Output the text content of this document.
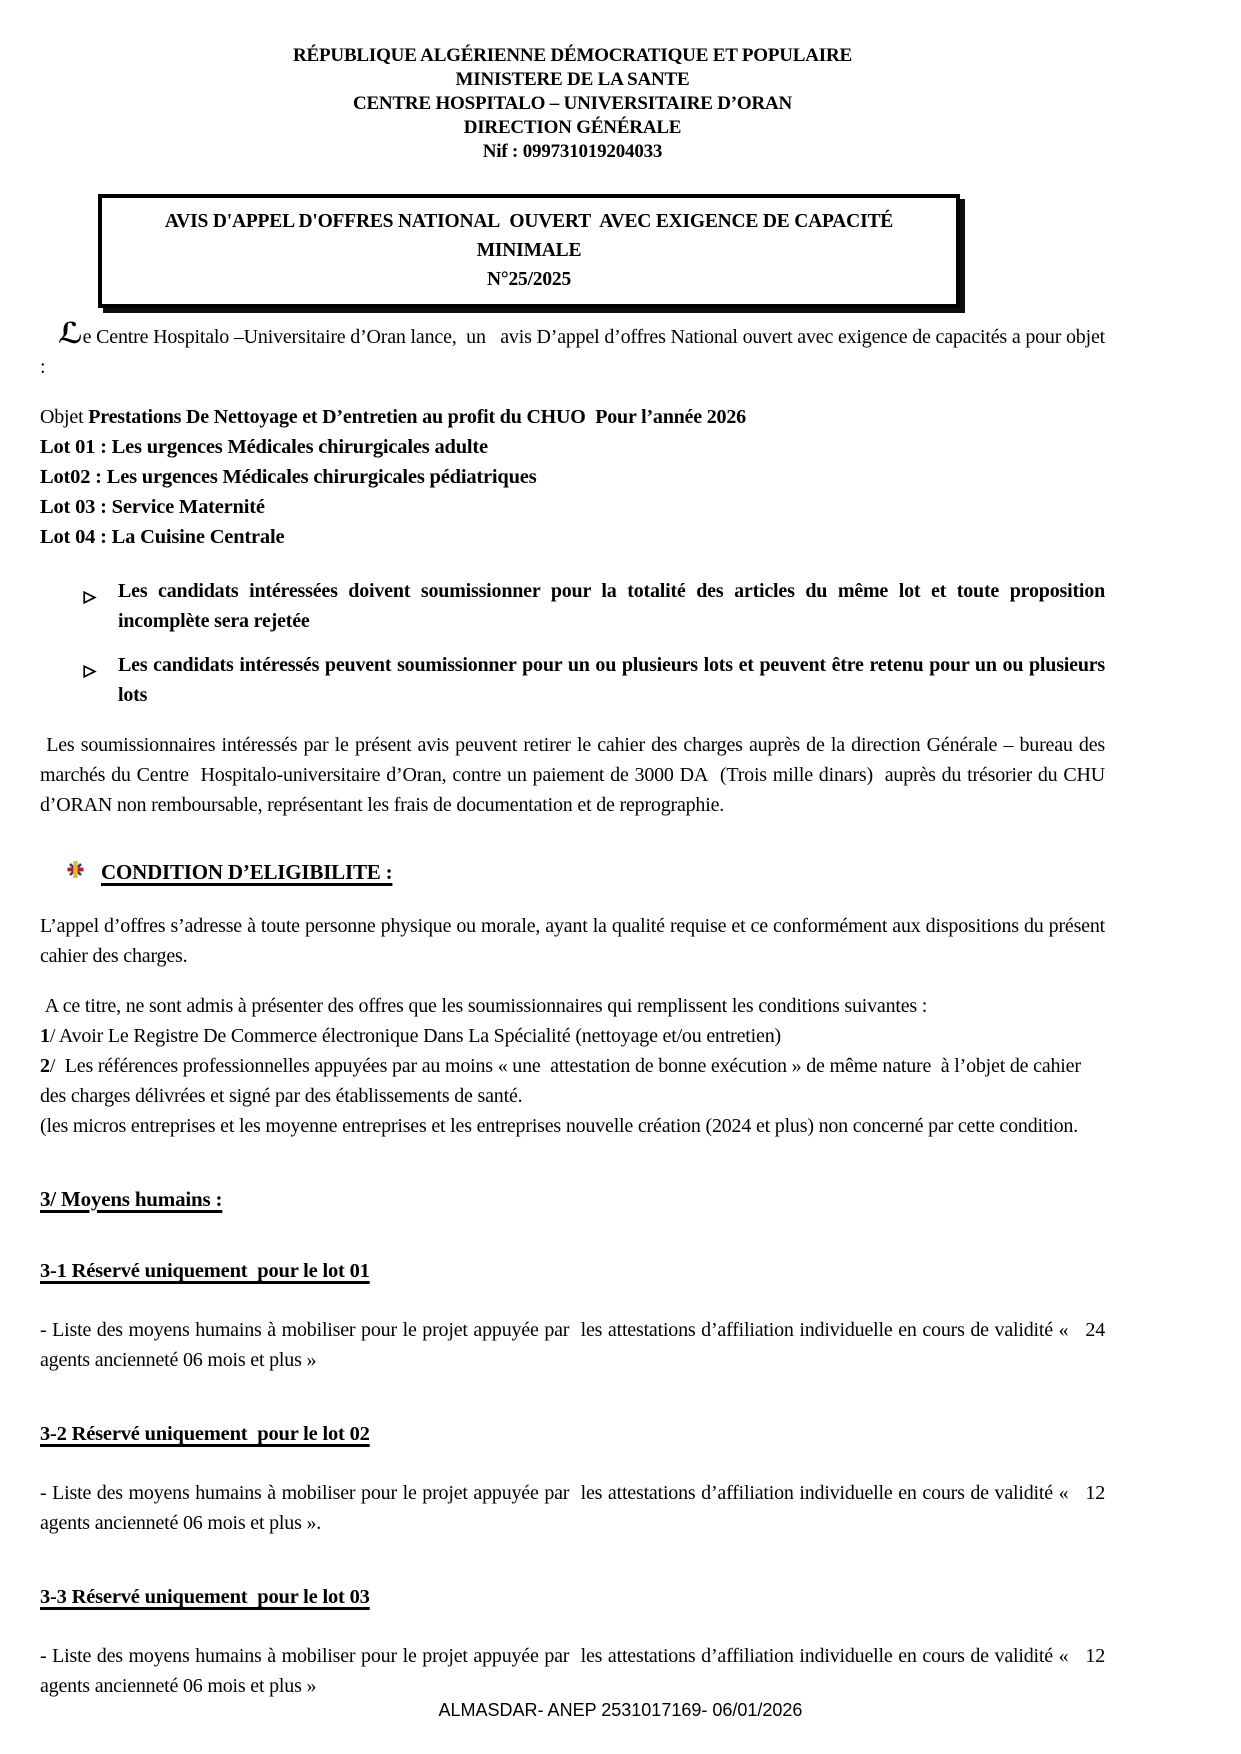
RÉPUBLIQUE ALGÉRIENNE DÉMOCRATIQUE ET POPULAIRE
MINISTERE DE LA SANTE
CENTRE HOSPITALO – UNIVERSITAIRE D’ORAN
DIRECTION GÉNÉRALE
Nif : 099731019204033
AVIS D'APPEL D'OFFRES NATIONAL  OUVERT  AVEC EXIGENCE DE CAPACITÉ MINIMALE
N°25/2025

ℒe Centre Hospitalo –Universitaire d’Oran lance,  un   avis D’appel d’offres National ouvert avec exigence de capacités a pour objet :

Objet Prestations De Nettoyage et D’entretien au profit du CHUO  Pour l’année 2026
Lot 01 : Les urgences Médicales chirurgicales adulte
Lot02 : Les urgences Médicales chirurgicales pédiatriques
Lot 03 : Service Maternité
Lot 04 : La Cuisine Centrale
Les candidats intéressées doivent soumissionner pour la totalité des articles du même lot et toute proposition incomplète sera rejetée
Les candidats intéressés peuvent soumissionner pour un ou plusieurs lots et peuvent être retenu pour un ou plusieurs lots

Les soumissionnaires intéressés par le présent avis peuvent retirer le cahier des charges auprès de la direction Générale – bureau des marchés du Centre  Hospitalo-universitaire d’Oran, contre un paiement de 3000 DA  (Trois mille dinars)  auprès du trésorier du CHU d’ORAN non remboursable, représentant les frais de documentation et de reprographie.

CONDITION D’ELIGIBILITE :

L’appel d’offres s’adresse à toute personne physique ou morale, ayant la qualité requise et ce conformément aux dispositions du présent cahier des charges.

A ce titre, ne sont admis à présenter des offres que les soumissionnaires qui remplissent les conditions suivantes :

1/ Avoir Le Registre De Commerce électronique Dans La Spécialité (nettoyage et/ou entretien)
2/  Les références professionnelles appuyées par au moins « une  attestation de bonne exécution » de même nature  à l’objet de cahier des charges délivrées et signé par des établissements de santé.
(les micros entreprises et les moyenne entreprises et les entreprises nouvelle création (2024 et plus) non concerné par cette condition.
3/ Moyens humains :
3-1 Réservé uniquement  pour le lot 01

- Liste des moyens humains à mobiliser pour le projet appuyée par  les attestations d’affiliation individuelle en cours de validité «   24 agents ancienneté 06 mois et plus »

3-2 Réservé uniquement  pour le lot 02

- Liste des moyens humains à mobiliser pour le projet appuyée par  les attestations d’affiliation individuelle en cours de validité «   12 agents ancienneté 06 mois et plus ».

3-3 Réservé uniquement  pour le lot 03

- Liste des moyens humains à mobiliser pour le projet appuyée par  les attestations d’affiliation individuelle en cours de validité «   12 agents ancienneté 06 mois et plus »

ALMASDAR- ANEP 2531017169- 06/01/2026
